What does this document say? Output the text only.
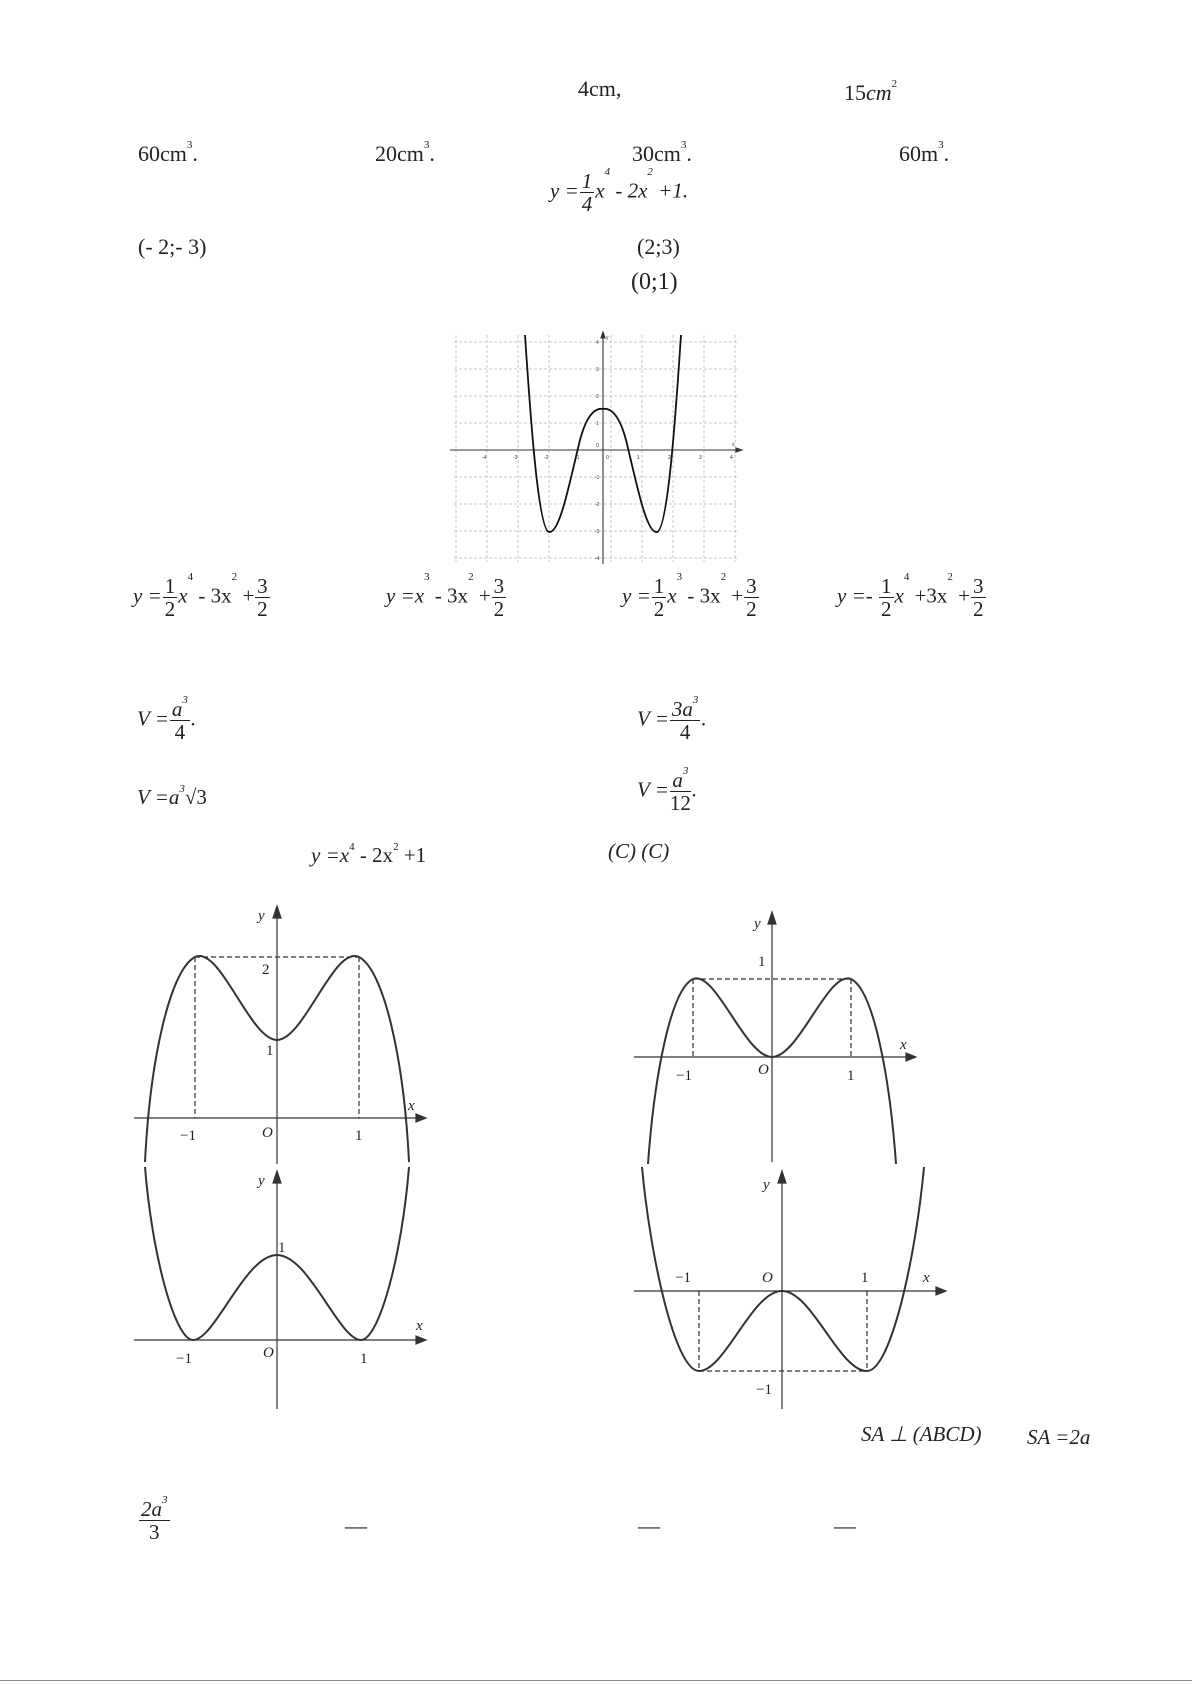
4cm,	$15cm^2$
$60cm^3$.	$20cm^3$.	$30cm^3$.	$60m^3$.
$y = \frac{1}{4} x^4 - 2x^2 +1$.
(- 2;- 3)	(2;3)
(0;1)
x
y
-4	-3	-2	-1	0	1	2	3	4
4
3
2
1
0
-1
-2
-3
-4
$y = \frac{1}{2} x^4 - 3x^2 + \frac{3}{2}$	$y =x^3 - 3x^2 + \frac{3}{2}$	$y = \frac{1}{2} x^3 - 3x^2 + \frac{3}{2}$	$y =- \frac{1}{2} x^4 +3x^2 + \frac{3}{2}$
$V = \frac{a^3}{4}$ .	$V = \frac{3a^3}{4}$ .
$V =a^3√3$	$V = \frac{a^3}{12}$ .
$y =x^4 - 2x^2 +1$	(C) (C)
y
x
O
2
1
−1	1
y
x
O
1
−1	1
y
x
O
1
−1	1
y
x
O
−1	1
−1
SA ⊥ (ABCD) SA =2a
$\frac{2a^3}{3}$	—	—	—
